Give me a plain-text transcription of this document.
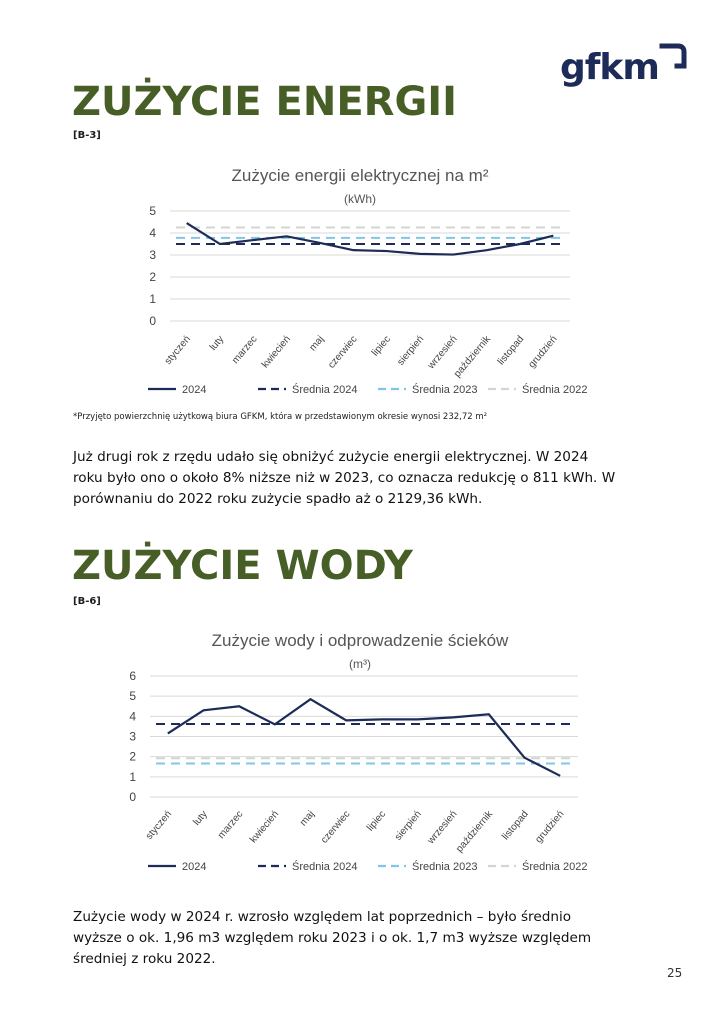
gfkm
ZUŻYCIE ENERGII
[B-3]
Zużycie energii elektrycznej na m²
(kWh)
0
1
2
3
4
5
styczeń luty marzec kwiecień maj czerwiec lipiec sierpień wrzesień
październik listopad grudzień
2024	Średnia 2024	Średnia 2023	Średnia 2022
*Przyjęto powierzchnię użytkową biura GFKM, która w przedstawionym okresie wynosi 232,72 m²

Już drugi rok z rzędu udało się obniżyć zużycie energii elektrycznej. W 2024

roku było ono o około 8% niższe niż w 2023, co oznacza redukcję o 811 kWh. W

porównaniu do 2022 roku zużycie spadło aż o 2129,36 kWh.

ZUŻYCIE WODY
[B-6]
Zużycie wody i odprowadzenie ścieków
(m³)
0
1
2
3
4
5
6
styczeń luty marzec kwiecień maj czerwiec lipiec sierpień wrzesień
październik listopad grudzień
2024	Średnia 2024	Średnia 2023	Średnia 2022

Zużycie wody w 2024 r. wzrosło względem lat poprzednich – było średnio

wyższe o ok. 1,96 m3 względem roku 2023 i o ok. 1,7 m3 wyższe względem

średniej z roku 2022.

25
